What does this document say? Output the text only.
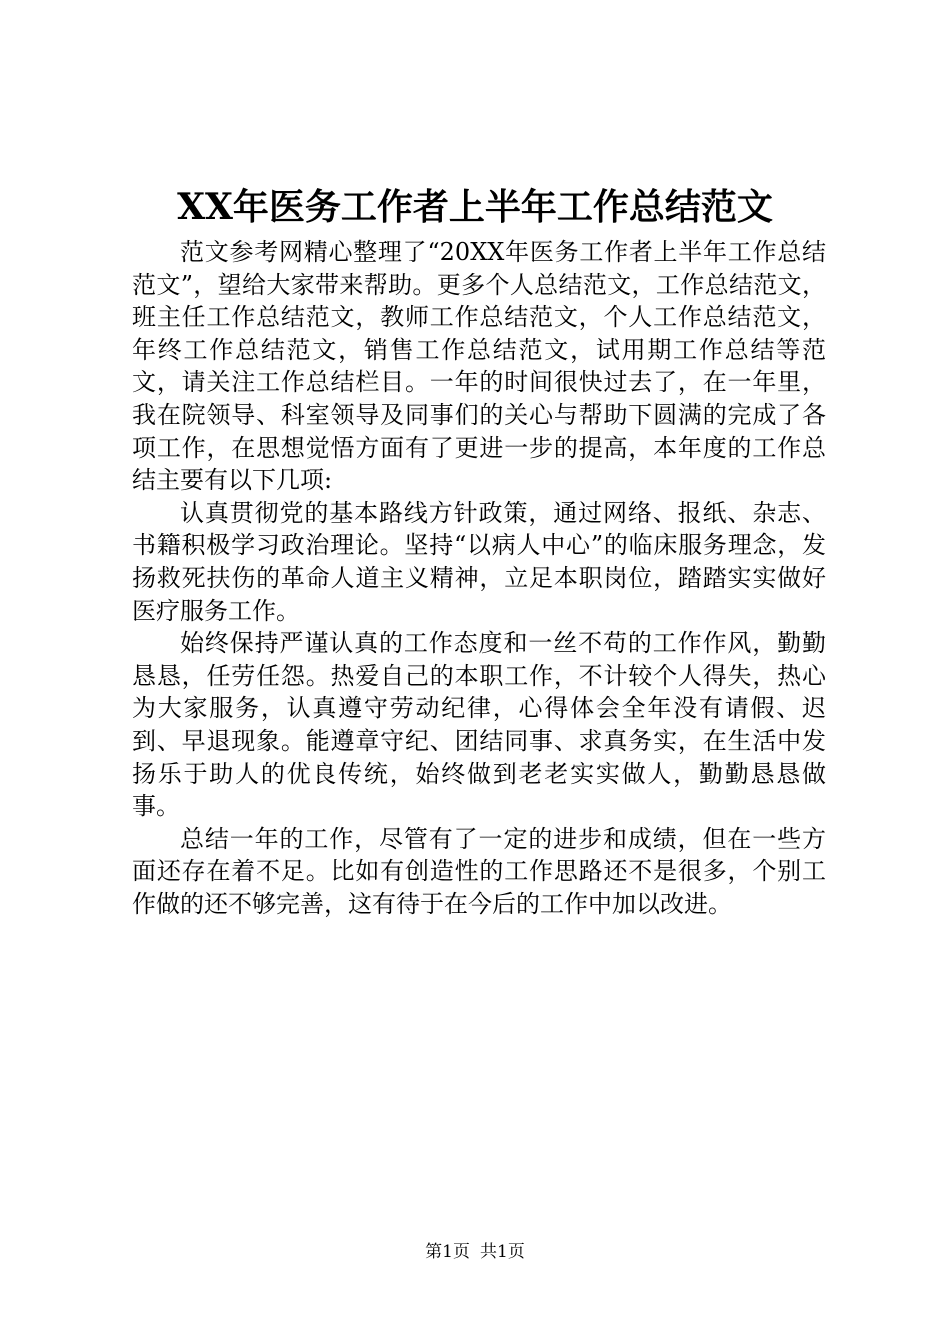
XX年医务工作者上半年工作总结范文

范文参考网精心整理了“20XX年医务工作者上半年工作总结范文”，望给大家带来帮助。更多个人总结范文，工作总结范文，班主任工作总结范文，教师工作总结范文，个人工作总结范文，年终工作总结范文，销售工作总结范文，试用期工作总结等范文，请关注工作总结栏目。一年的时间很快过去了，在一年里，我在院领导、科室领导及同事们的关心与帮助下圆满的完成了各项工作，在思想觉悟方面有了更进一步的提高，本年度的工作总结主要有以下几项:

认真贯彻党的基本路线方针政策，通过网络、报纸、杂志、书籍积极学习政治理论。坚持“以病人中心”的临床服务理念，发扬救死扶伤的革命人道主义精神，立足本职岗位，踏踏实实做好医疗服务工作。

始终保持严谨认真的工作态度和一丝不苟的工作作风，勤勤恳恳，任劳任怨。热爱自己的本职工作，不计较个人得失，热心为大家服务，认真遵守劳动纪律，心得体会全年没有请假、迟到、早退现象。能遵章守纪、团结同事、求真务实，在生活中发扬乐于助人的优良传统，始终做到老老实实做人，勤勤恳恳做事。

总结一年的工作，尽管有了一定的进步和成绩，但在一些方面还存在着不足。比如有创造性的工作思路还不是很多，个别工作做的还不够完善，这有待于在今后的工作中加以改进。

第1页 共1页
